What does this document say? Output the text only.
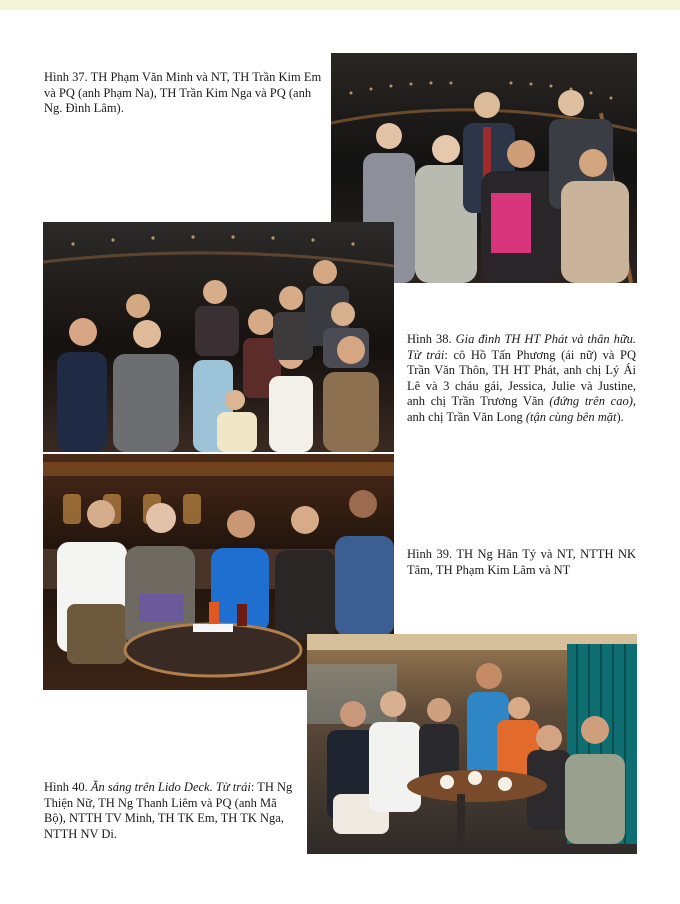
Hình 37. TH Phạm Văn Minh và NT, TH Trần Kim Em và PQ (anh Phạm Na), TH Trần Kim Nga và PQ (anh Ng. Đình Lâm).

Hình 38. Gia đình TH HT Phát và thân hữu. Từ trái: cô Hồ Tấn Phương (ái nữ) và PQ Trần Văn Thôn, TH HT Phát, anh chị Lý Ái Lê và 3 cháu gái, Jessica, Julie và Justine, anh chị Trần Trương Văn (đứng trên cao), anh chị Trần Văn Long (tận cùng bên mặt).

Hình 39. TH Ng Hân Tý và NT, NTTH NK Tâm, TH Phạm Kim Lâm và NT

Hình 40. Ăn sáng trên Lido Deck. Từ trái: TH Ng Thiện Nữ, TH Ng Thanh Liêm và PQ (anh Mã Bộ), NTTH TV Minh, TH TK Em, TH TK Nga, NTTH NV Di.
